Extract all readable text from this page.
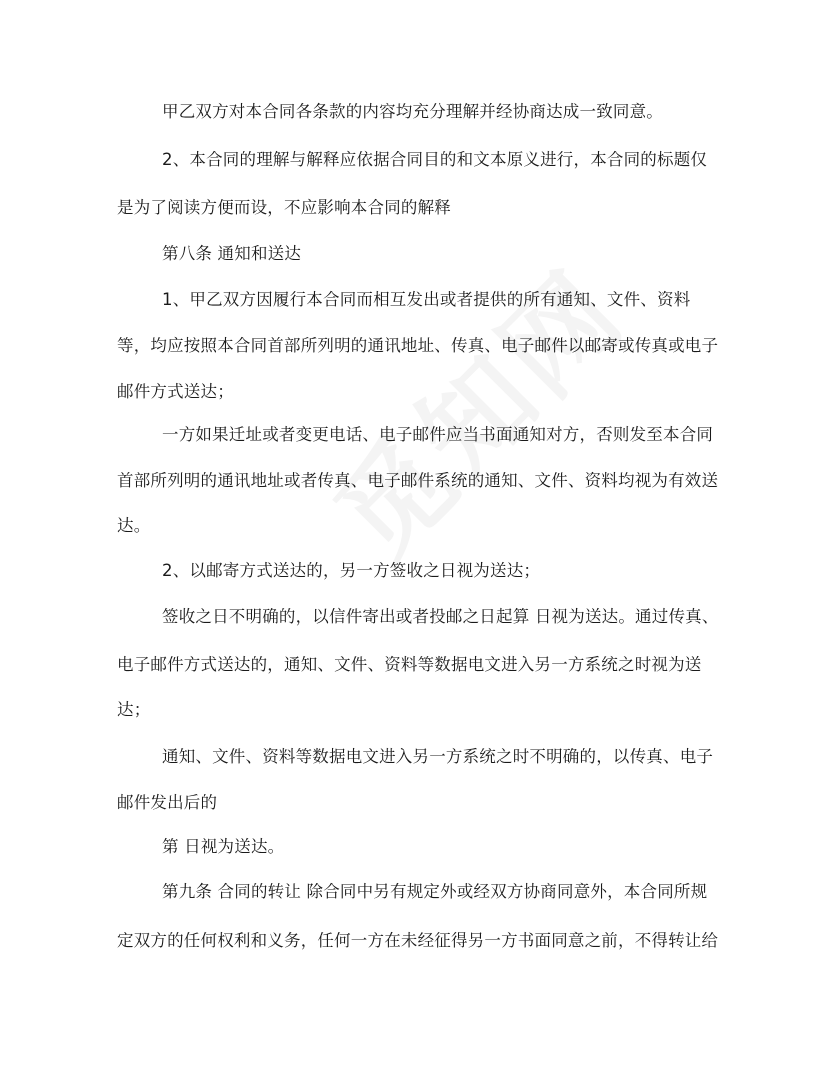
甲乙双方对本合同各条款的内容均充分理解并经协商达成一致同意。
2、本合同的理解与解释应依据合同目的和文本原义进行，本合同的标题仅
是为了阅读方便而设，不应影响本合同的解释
第八条 通知和送达
1、甲乙双方因履行本合同而相互发出或者提供的所有通知、文件、资料
等，均应按照本合同首部所列明的通讯地址、传真、电子邮件以邮寄或传真或电子
邮件方式送达；
一方如果迁址或者变更电话、电子邮件应当书面通知对方，否则发至本合同
首部所列明的通讯地址或者传真、电子邮件系统的通知、文件、资料均视为有效送
达。
2、以邮寄方式送达的，另一方签收之日视为送达；
签收之日不明确的，以信件寄出或者投邮之日起算 日视为送达。通过传真、
电子邮件方式送达的，通知、文件、资料等数据电文进入另一方系统之时视为送
达；
通知、文件、资料等数据电文进入另一方系统之时不明确的，以传真、电子
邮件发出后的
第 日视为送达。
第九条 合同的转让 除合同中另有规定外或经双方协商同意外，本合同所规
定双方的任何权利和义务，任何一方在未经征得另一方书面同意之前，不得转让给
